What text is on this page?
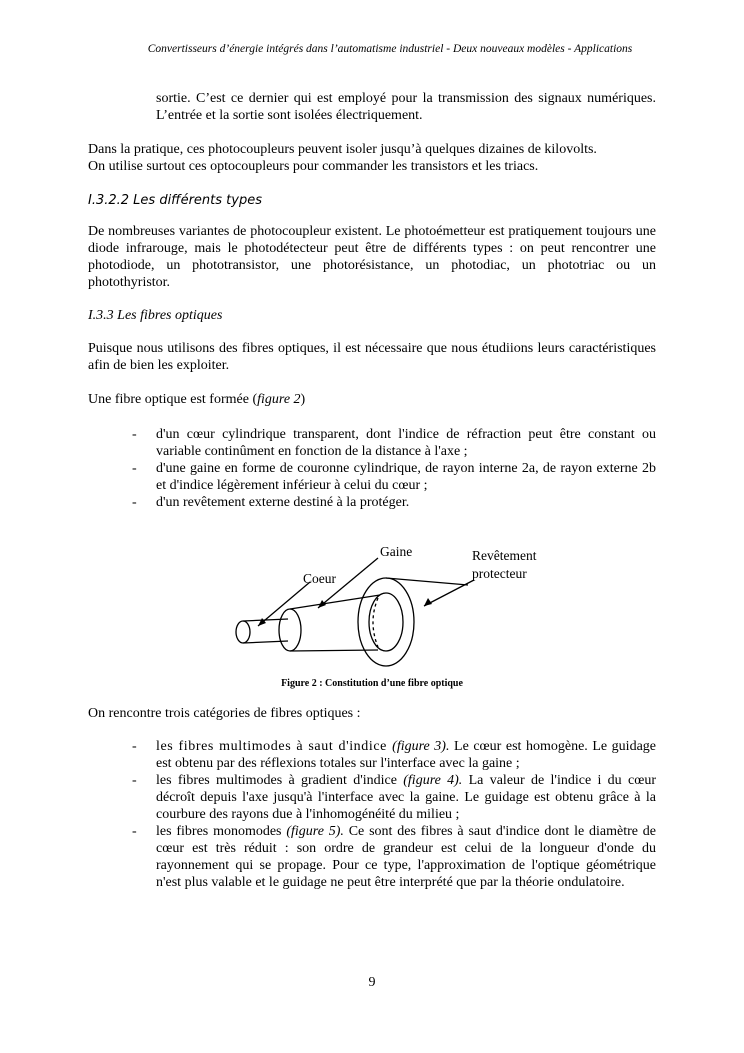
Convertisseurs d’énergie intégrés dans l’automatisme industriel - Deux nouveaux modèles - Applications
sortie. C’est ce dernier qui est employé pour la transmission des signaux numériques. L’entrée et la sortie sont isolées électriquement.
Dans la pratique, ces photocoupleurs peuvent isoler jusqu’à quelques dizaines de kilovolts.
On utilise surtout ces optocoupleurs pour commander les transistors et les triacs.
I.3.2.2 Les différents types
De nombreuses variantes de photocoupleur existent. Le photoémetteur est pratiquement toujours une diode infrarouge, mais le photodétecteur peut être de différents types : on peut rencontrer une photodiode, un phototransistor, une photorésistance, un photodiac, un phototriac ou un photothyristor.
I.3.3 Les fibres optiques
Puisque nous utilisons des fibres optiques, il est nécessaire que nous étudiions leurs caractéristiques afin de bien les exploiter.
Une fibre optique est formée (figure 2)
- d'un cœur cylindrique transparent, dont l'indice de réfraction peut être constant ou variable continûment en fonction de la distance à l'axe ;
- d'une gaine en forme de couronne cylindrique, de rayon interne 2a, de rayon externe 2b et d'indice légèrement inférieur à celui du cœur ;
- d'un revêtement externe destiné à la protéger.
Gaine
Coeur
Revêtement
protecteur
Figure 2 : Constitution d’une fibre optique
On rencontre trois catégories de fibres optiques :
- les fibres multimodes à saut d'indice (figure 3). Le cœur est homogène. Le guidage est obtenu par des réflexions totales sur l'interface avec la gaine ;
- les fibres multimodes à gradient d'indice (figure 4). La valeur de l'indice i du cœur décroît depuis l'axe jusqu'à l'interface avec la gaine. Le guidage est obtenu grâce à la courbure des rayons due à l'inhomogénéité du milieu ;
- les fibres monomodes (figure 5). Ce sont des fibres à saut d'indice dont le diamètre de cœur est très réduit : son ordre de grandeur est celui de la longueur d'onde du rayonnement qui se propage. Pour ce type, l'approximation de l'optique géométrique n'est plus valable et le guidage ne peut être interprété que par la théorie ondulatoire.
9
